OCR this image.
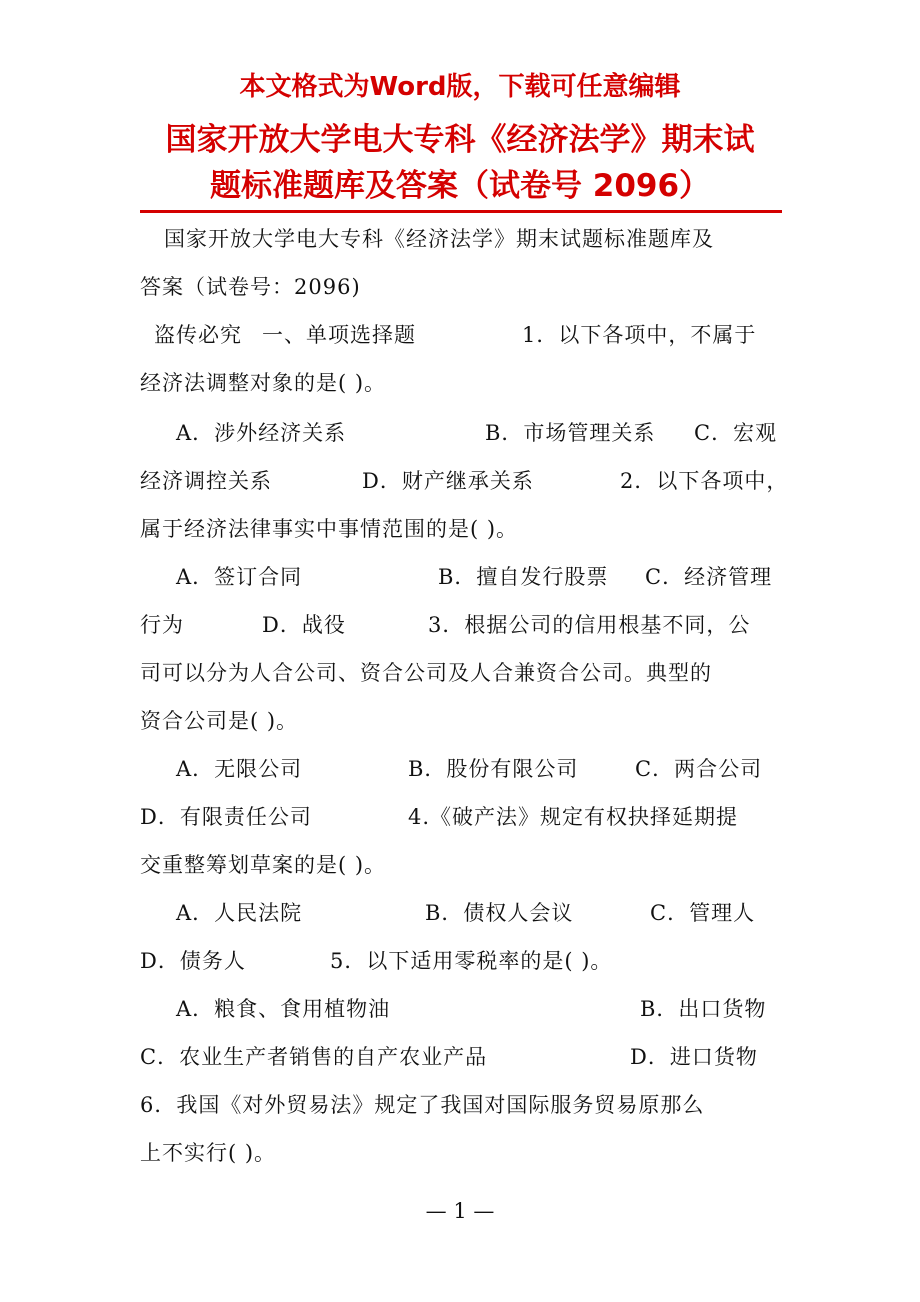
本文格式为Word版，下载可任意编辑
国家开放大学电大专科《经济法学》期末试
题标准题库及答案（试卷号 2096）
国家开放大学电大专科《经济法学》期末试题标准题库及
答案（试卷号：2096)
盗传必究 一、单项选择题	1．以下各项中，不属于
经济法调整对象的是( )。
A．涉外经济关系	B．市场管理关系 C．宏观
经济调控关系	D．财产继承关系	2．以下各项中，
属于经济法律事实中事情范围的是( )。
A．签订合同	B．擅自发行股票 C．经济管理
行为	D．战役	3．根据公司的信用根基不同，公
司可以分为人合公司、资合公司及人合兼资合公司。典型的
资合公司是( )。
A．无限公司	B．股份有限公司	C．两合公司
D．有限责任公司	4.《破产法》规定有权抉择延期提
交重整筹划草案的是( )。
A．人民法院	B．债权人会议	C．管理人
D．债务人	5．以下适用零税率的是( )。
A．粮食、食用植物油	B．出口货物
C．农业生产者销售的自产农业产品	D．进口货物
6．我国《对外贸易法》规定了我国对国际服务贸易原那么
上不实行( )。
— 1 —
